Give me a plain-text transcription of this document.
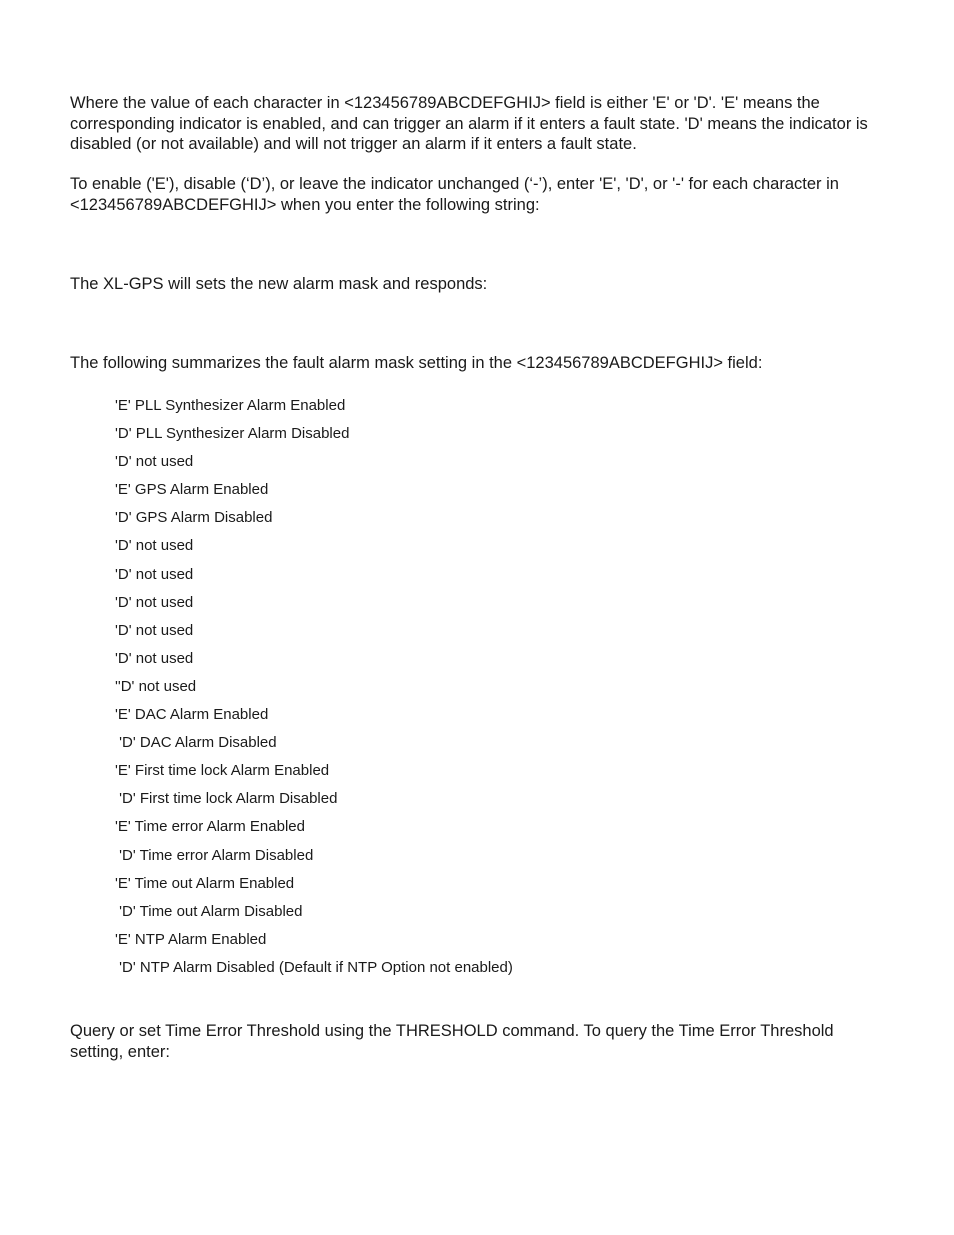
Where the value of each character in <123456789ABCDEFGHIJ> field is either 'E' or 'D'. 'E' means the corresponding indicator is enabled, and can trigger an alarm if it enters a fault state. 'D' means the indicator is disabled (or not available) and will not trigger an alarm if it enters a fault state.

To enable ('E'), disable (‘D’), or leave the indicator unchanged (‘-’), enter 'E', 'D', or '-' for each character in <123456789ABCDEFGHIJ> when you enter the following string:

The XL-GPS will sets the new alarm mask and responds:

The following summarizes the fault alarm mask setting in the <123456789ABCDEFGHIJ> field:

'E' PLL Synthesizer Alarm Enabled
'D' PLL Synthesizer Alarm Disabled
'D' not used
'E' GPS Alarm Enabled
'D' GPS Alarm Disabled
'D' not used
'D' not used
'D' not used
'D' not used
'D' not used
''D' not used
'E' DAC Alarm Enabled
'D' DAC Alarm Disabled
'E' First time lock Alarm Enabled
'D' First time lock Alarm Disabled
'E' Time error Alarm Enabled
'D' Time error Alarm Disabled
'E' Time out Alarm Enabled
'D' Time out Alarm Disabled
'E' NTP Alarm Enabled
'D' NTP Alarm Disabled (Default if NTP Option not enabled)

Query or set Time Error Threshold using the THRESHOLD command. To query the Time Error Threshold setting, enter:
